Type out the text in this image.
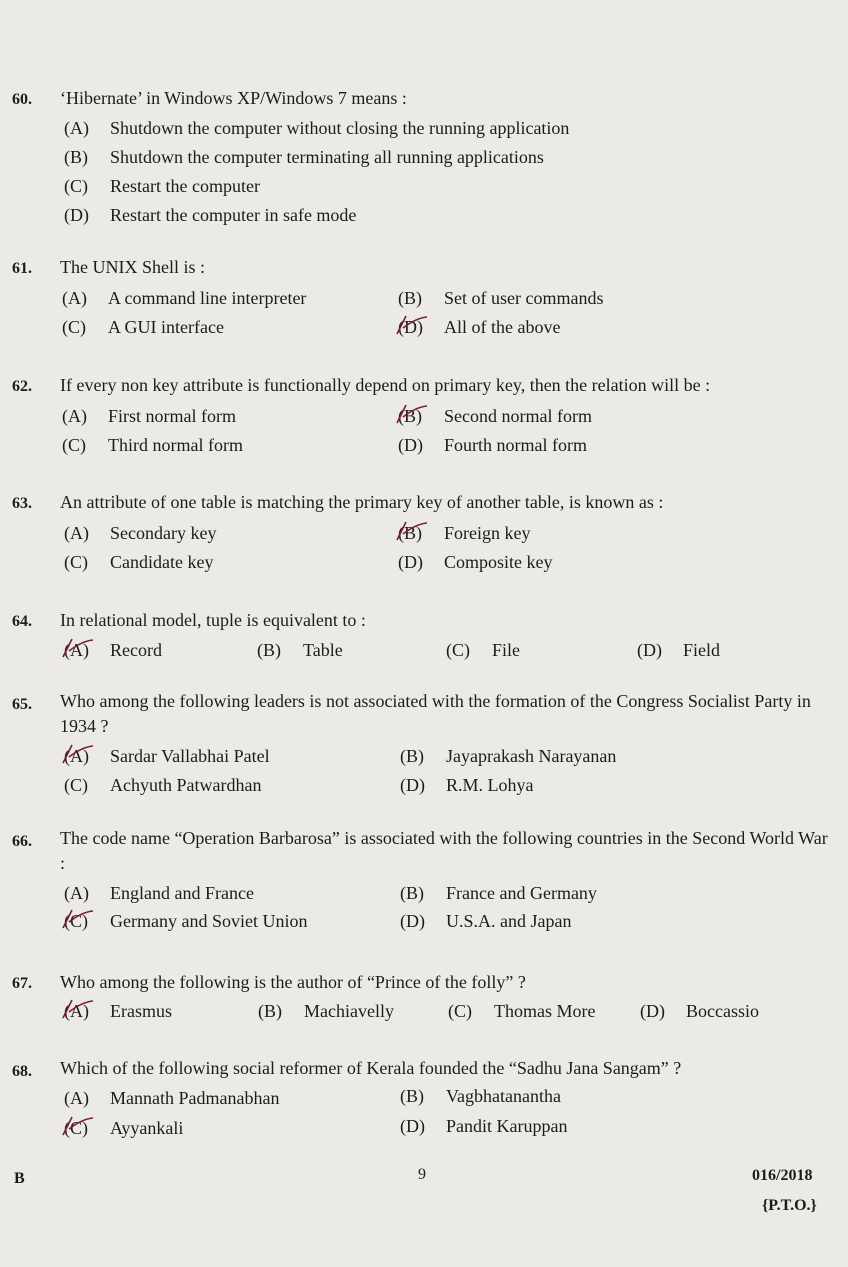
60. ‘Hibernate’ in Windows XP/Windows 7 means :
(A)	Shutdown the computer without closing the running application
(B)	Shutdown the computer terminating all running applications
(C)	Restart the computer
(D)	Restart the computer in safe mode
61. The UNIX Shell is :
(A)	A command line interpreter	(B)	Set of user commands
(C)	A GUI interface	(D)	All of the above
62. If every non key attribute is functionally depend on primary key, then the relation will be :
(A)	First normal form	(B)	Second normal form
(C)	Third normal form	(D)	Fourth normal form
63. An attribute of one table is matching the primary key of another table, is known as :
(A)	Secondary key	(B)	Foreign key
(C)	Candidate key	(D)	Composite key
64. In relational model, tuple is equivalent to :
(A)	Record	(B)	Table	(C)	File	(D)	Field
65. Who among the following leaders is not associated with the formation of the Congress Socialist Party in 1934 ?
(A)	Sardar Vallabhai Patel	(B)	Jayaprakash Narayanan
(C)	Achyuth Patwardhan	(D)	R.M. Lohya
66. The code name “Operation Barbarosa” is associated with the following countries in the Second World War :
(A)	England and France	(B)	France and Germany
(C)	Germany and Soviet Union	(D)	U.S.A. and Japan
67. Who among the following is the author of “Prince of the folly” ?
(A)	Erasmus	(B)	Machiavelly	(C)	Thomas More (D)	Boccassio
68. Which of the following social reformer of Kerala founded the “Sadhu Jana Sangam” ?
(A)	Mannath Padmanabhan	(B)	Vagbhatanantha
(C)	Ayyankali	(D)	Pandit Karuppan
B	9	016/2018
{P.T.O.}
